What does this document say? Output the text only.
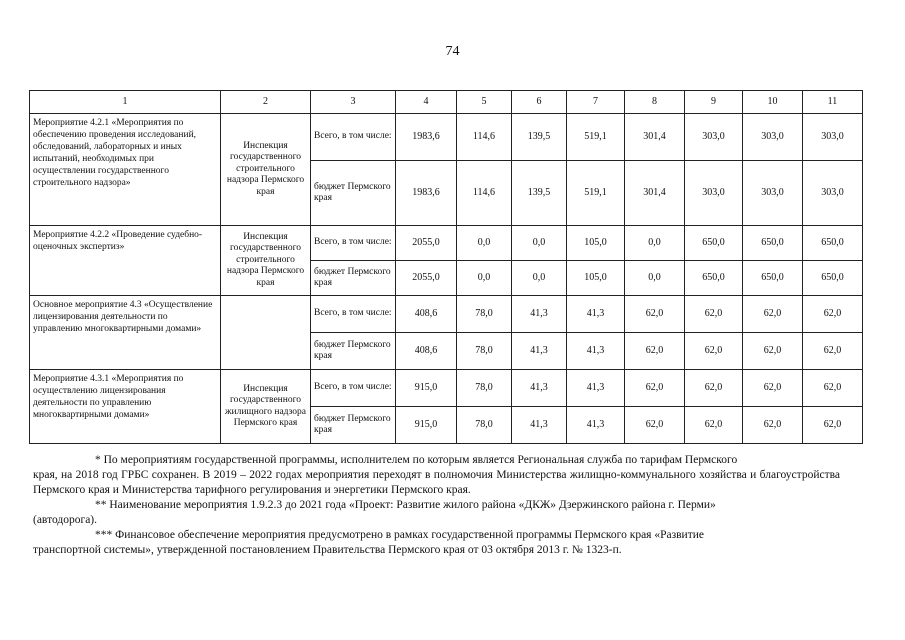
74
1	2	3	4	5	6	7	8	9	10	11
Мероприятие 4.2.1 «Мероприятия по обеспечению проведения исследований, обследований, лабораторных и иных испытаний, необходимых при осуществлении государственного строительного надзора»	Инспекция государственного строительного надзора Пермского края	Всего, в том числе:	1983,6	114,6	139,5	519,1	301,4	303,0	303,0	303,0
		бюджет Пермского края	1983,6	114,6	139,5	519,1	301,4	303,0	303,0	303,0
Мероприятие 4.2.2 «Проведение судебно-оценочных экспертиз»	Инспекция государственного строительного надзора Пермского края	Всего, в том числе:	2055,0	0,0	0,0	105,0	0,0	650,0	650,0	650,0
		бюджет Пермского края	2055,0	0,0	0,0	105,0	0,0	650,0	650,0	650,0
Основное мероприятие 4.3 «Осуществление лицензирования деятельности по управлению многоквартирными домами»		Всего, в том числе:	408,6	78,0	41,3	41,3	62,0	62,0	62,0	62,0
		бюджет Пермского края	408,6	78,0	41,3	41,3	62,0	62,0	62,0	62,0
Мероприятие 4.3.1 «Мероприятия по осуществлению лицензирования деятельности по управлению многоквартирными домами»	Инспекция государственного жилищного надзора Пермского края	Всего, в том числе:	915,0	78,0	41,3	41,3	62,0	62,0	62,0	62,0
		бюджет Пермского края	915,0	78,0	41,3	41,3	62,0	62,0	62,0	62,0
* По мероприятиям государственной программы, исполнителем по которым является Региональная служба по тарифам Пермского
края, на 2018 год ГРБС сохранен. В 2019 – 2022 годах мероприятия переходят в полномочия Министерства жилищно-коммунального хозяйства и благоустройства Пермского края и Министерства тарифного регулирования и энергетики Пермского края.
** Наименование мероприятия 1.9.2.3 до 2021 года «Проект: Развитие жилого района «ДКЖ» Дзержинского района г. Перми»
(автодорога).
*** Финансовое обеспечение мероприятия предусмотрено в рамках государственной программы Пермского края «Развитие
транспортной системы», утвержденной постановлением Правительства Пермского края от 03 октября 2013 г. № 1323-п.
